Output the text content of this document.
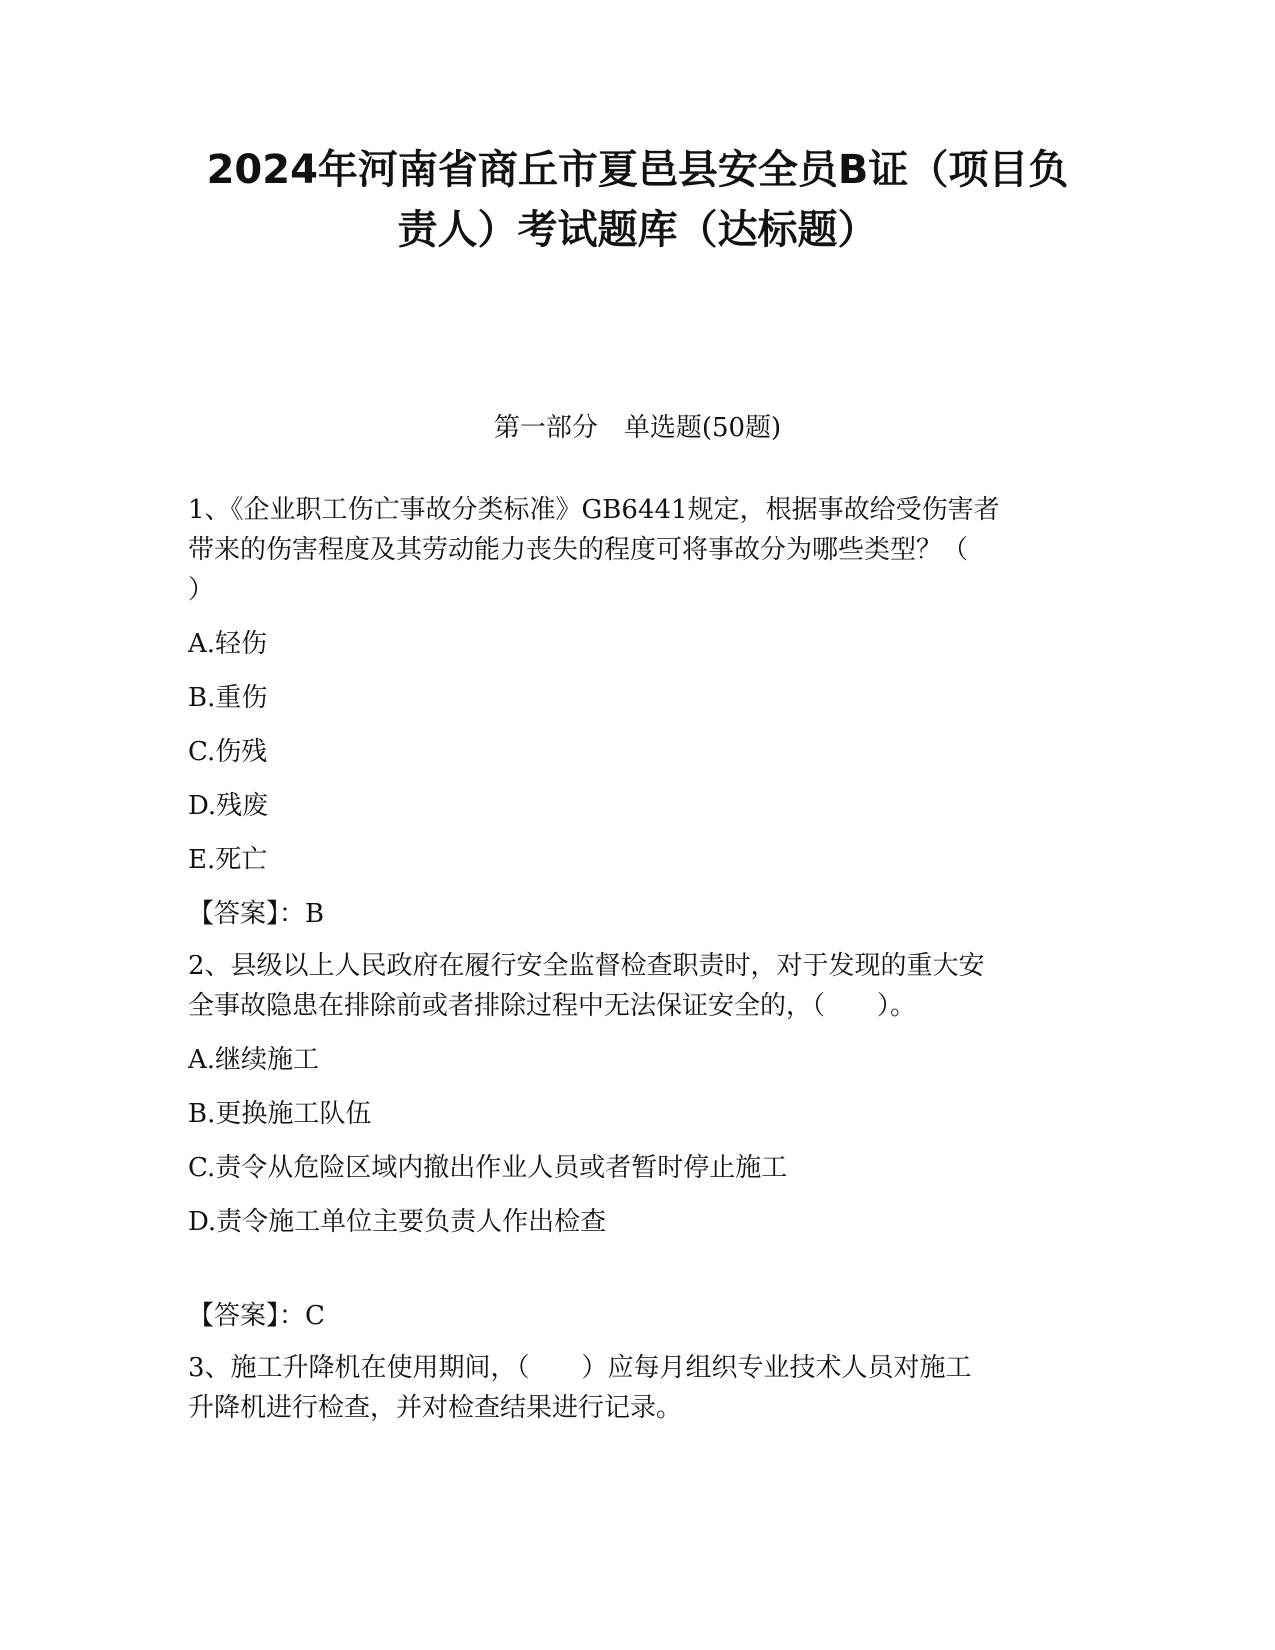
2024年河南省商丘市夏邑县安全员B证（项目负
责人）考试题库（达标题）
第一部分　单选题(50题)
1、《企业职工伤亡事故分类标准》GB6441规定，根据事故给受伤害者
带来的伤害程度及其劳动能力丧失的程度可将事故分为哪些类型？（
）
A.轻伤
B.重伤
C.伤残
D.残废
E.死亡
【答案】：B
2、县级以上人民政府在履行安全监督检查职责时，对于发现的重大安
全事故隐患在排除前或者排除过程中无法保证安全的，（　　）。
A.继续施工
B.更换施工队伍
C.责令从危险区域内撤出作业人员或者暂时停止施工
D.责令施工单位主要负责人作出检查
【答案】：C
3、施工升降机在使用期间，（　　）应每月组织专业技术人员对施工
升降机进行检查，并对检查结果进行记录。
